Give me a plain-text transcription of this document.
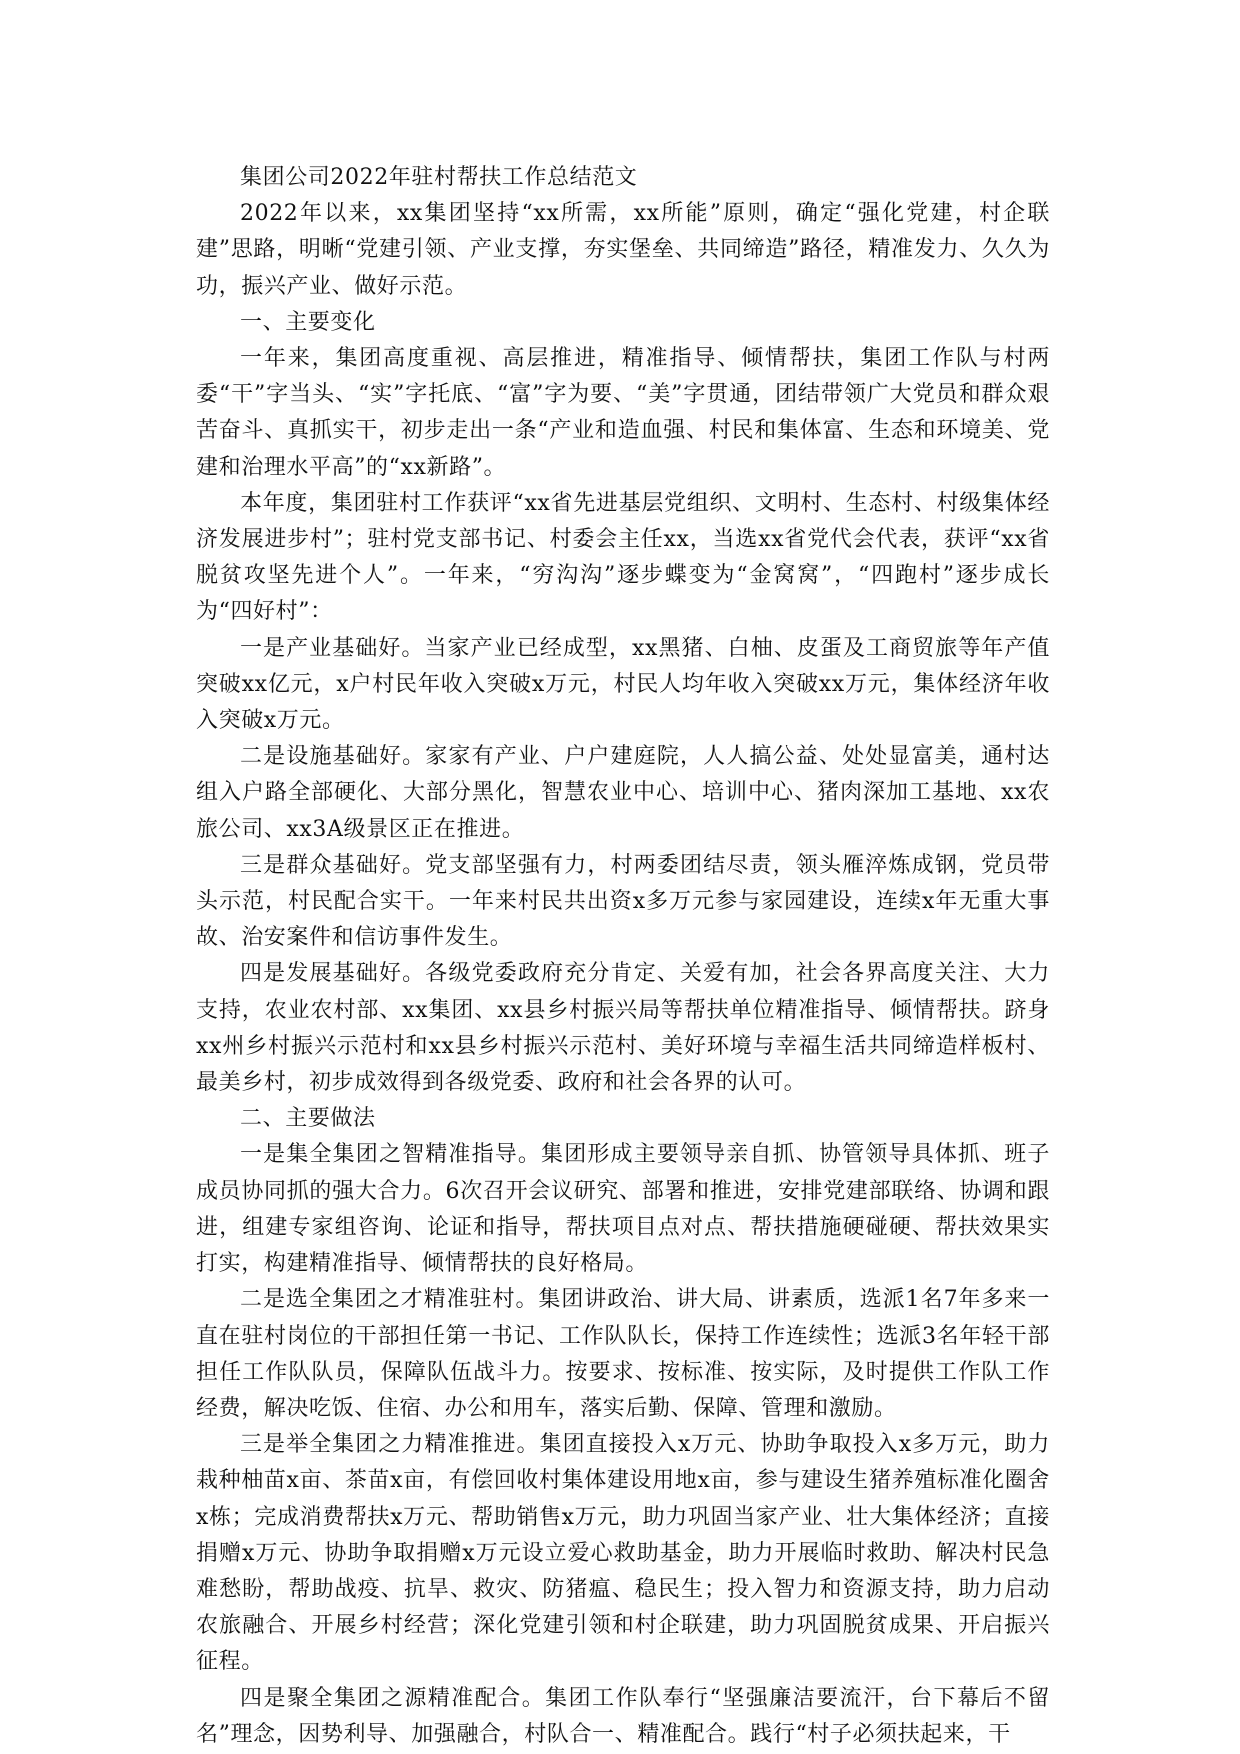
集团公司2022年驻村帮扶工作总结范文

2022年以来，xx集团坚持“xx所需，xx所能”原则，确定“强化党建，村企联建”思路，明晰“党建引领、产业支撑，夯实堡垒、共同缔造”路径，精准发力、久久为功，振兴产业、做好示范。

一、主要变化

一年来，集团高度重视、高层推进，精准指导、倾情帮扶，集团工作队与村两委“干”字当头、“实”字托底、“富”字为要、“美”字贯通，团结带领广大党员和群众艰苦奋斗、真抓实干，初步走出一条“产业和造血强、村民和集体富、生态和环境美、党建和治理水平高”的“xx新路”。

本年度，集团驻村工作获评“xx省先进基层党组织、文明村、生态村、村级集体经济发展进步村”；驻村党支部书记、村委会主任xx，当选xx省党代会代表，获评“xx省脱贫攻坚先进个人”。一年来，“穷沟沟”逐步蝶变为“金窝窝”，“四跑村”逐步成长为“四好村”：

一是产业基础好。当家产业已经成型，xx黑猪、白柚、皮蛋及工商贸旅等年产值突破xx亿元，x户村民年收入突破x万元，村民人均年收入突破xx万元，集体经济年收入突破x万元。

二是设施基础好。家家有产业、户户建庭院，人人搞公益、处处显富美，通村达组入户路全部硬化、大部分黑化，智慧农业中心、培训中心、猪肉深加工基地、xx农旅公司、xx3A级景区正在推进。

三是群众基础好。党支部坚强有力，村两委团结尽责，领头雁淬炼成钢，党员带头示范，村民配合实干。一年来村民共出资x多万元参与家园建设，连续x年无重大事故、治安案件和信访事件发生。

四是发展基础好。各级党委政府充分肯定、关爱有加，社会各界高度关注、大力支持，农业农村部、xx集团、xx县乡村振兴局等帮扶单位精准指导、倾情帮扶。跻身xx州乡村振兴示范村和xx县乡村振兴示范村、美好环境与幸福生活共同缔造样板村、最美乡村，初步成效得到各级党委、政府和社会各界的认可。

二、主要做法

一是集全集团之智精准指导。集团形成主要领导亲自抓、协管领导具体抓、班子成员协同抓的强大合力。6次召开会议研究、部署和推进，安排党建部联络、协调和跟进，组建专家组咨询、论证和指导，帮扶项目点对点、帮扶措施硬碰硬、帮扶效果实打实，构建精准指导、倾情帮扶的良好格局。

二是选全集团之才精准驻村。集团讲政治、讲大局、讲素质，选派1名7年多来一直在驻村岗位的干部担任第一书记、工作队队长，保持工作连续性；选派3名年轻干部担任工作队队员，保障队伍战斗力。按要求、按标准、按实际，及时提供工作队工作经费，解决吃饭、住宿、办公和用车，落实后勤、保障、管理和激励。

三是举全集团之力精准推进。集团直接投入x万元、协助争取投入x多万元，助力栽种柚苗x亩、茶苗x亩，有偿回收村集体建设用地x亩，参与建设生猪养殖标准化圈舍x栋；完成消费帮扶x万元、帮助销售x万元，助力巩固当家产业、壮大集体经济；直接捐赠x万元、协助争取捐赠x万元设立爱心救助基金，助力开展临时救助、解决村民急难愁盼，帮助战疫、抗旱、救灾、防猪瘟、稳民生；投入智力和资源支持，助力启动农旅融合、开展乡村经营；深化党建引领和村企联建，助力巩固脱贫成果、开启振兴征程。

四是聚全集团之源精准配合。集团工作队奉行“坚强廉洁要流汗，台下幕后不留名”理念，因势利导、加强融合，村队合一、精准配合。践行“村子必须扶起来，干
